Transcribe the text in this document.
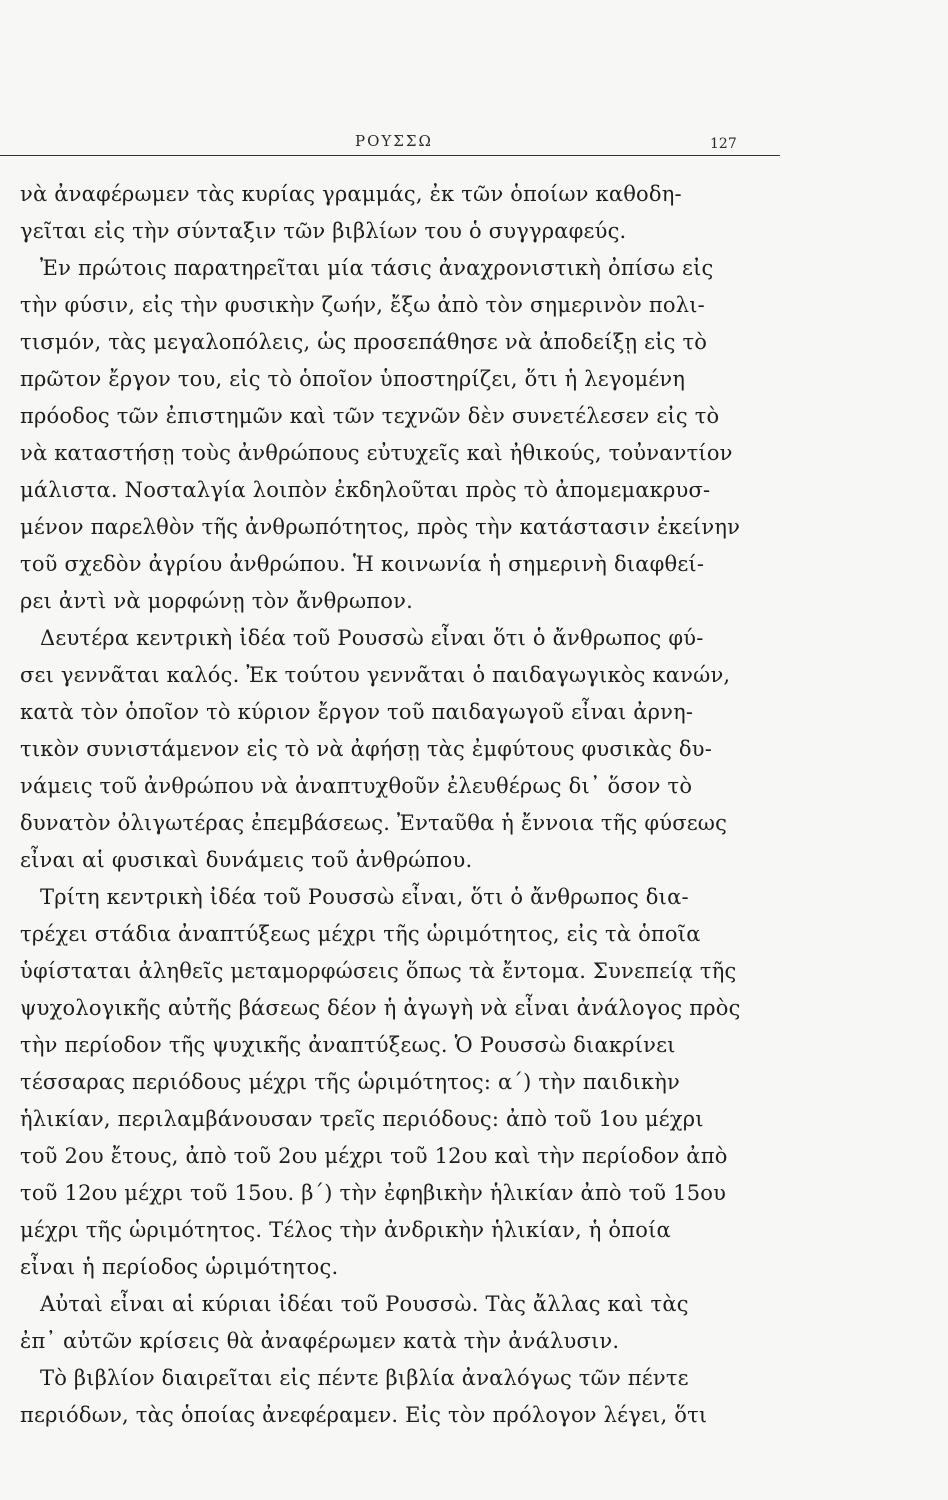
ΡΟΥΣΣΩ	127
νὰ ἀναφέρωμεν τὰς κυρίας γραμμάς, ἐκ τῶν ὁποίων καθοδη-
γεῖται εἰς τὴν σύνταξιν τῶν βιβλίων του ὁ συγγραφεύς.
Ἐν πρώτοις παρατηρεῖται μία τάσις ἀναχρονιστικὴ ὀπίσω εἰς
τὴν φύσιν, εἰς τὴν φυσικὴν ζωήν, ἔξω ἀπὸ τὸν σημερινὸν πολι-
τισμόν, τὰς μεγαλοπόλεις, ὡς προσεπάθησε νὰ ἀποδείξῃ εἰς τὸ
πρῶτον ἔργον του, εἰς τὸ ὁποῖον ὑποστηρίζει, ὅτι ἡ λεγομένη
πρόοδος τῶν ἐπιστημῶν καὶ τῶν τεχνῶν δὲν συνετέλεσεν εἰς τὸ
νὰ καταστήσῃ τοὺς ἀνθρώπους εὐτυχεῖς καὶ ἠθικούς, τοὐναντίον
μάλιστα. Νοσταλγία λοιπὸν ἐκδηλοῦται πρὸς τὸ ἀπομεμακρυσ-
μένον παρελθὸν τῆς ἀνθρωπότητος, πρὸς τὴν κατάστασιν ἐκείνην
τοῦ σχεδὸν ἀγρίου ἀνθρώπου. Ἡ κοινωνία ἡ σημερινὴ διαφθεί-
ρει ἀντὶ νὰ μορφώνῃ τὸν ἄνθρωπον.
Δευτέρα κεντρικὴ ἰδέα τοῦ Ρουσσὼ εἶναι ὅτι ὁ ἄνθρωπος φύ-
σει γεννᾶται καλός. Ἐκ τούτου γεννᾶται ὁ παιδαγωγικὸς κανών,
κατὰ τὸν ὁποῖον τὸ κύριον ἔργον τοῦ παιδαγωγοῦ εἶναι ἀρνη-
τικὸν συνιστάμενον εἰς τὸ νὰ ἀφήσῃ τὰς ἐμφύτους φυσικὰς δυ-
νάμεις τοῦ ἀνθρώπου νὰ ἀναπτυχθοῦν ἐλευθέρως δι᾽ ὅσον τὸ
δυνατὸν ὀλιγωτέρας ἐπεμβάσεως. Ἐνταῦθα ἡ ἔννοια τῆς φύσεως
εἶναι αἱ φυσικαὶ δυνάμεις τοῦ ἀνθρώπου.
Τρίτη κεντρικὴ ἰδέα τοῦ Ρουσσὼ εἶναι, ὅτι ὁ ἄνθρωπος δια-
τρέχει στάδια ἀναπτύξεως μέχρι τῆς ὡριμότητος, εἰς τὰ ὁποῖα
ὑφίσταται ἀληθεῖς μεταμορφώσεις ὅπως τὰ ἔντομα. Συνεπείᾳ τῆς
ψυχολογικῆς αὐτῆς βάσεως δέον ἡ ἀγωγὴ νὰ εἶναι ἀνάλογος πρὸς
τὴν περίοδον τῆς ψυχικῆς ἀναπτύξεως. Ὁ Ρουσσὼ διακρίνει
τέσσαρας περιόδους μέχρι τῆς ὡριμότητος: α΄) τὴν παιδικὴν
ἡλικίαν, περιλαμβάνουσαν τρεῖς περιόδους: ἀπὸ τοῦ 1ου μέχρι
τοῦ 2ου ἔτους, ἀπὸ τοῦ 2ου μέχρι τοῦ 12ου καὶ τὴν περίοδον ἀπὸ
τοῦ 12ου μέχρι τοῦ 15ου. β΄) τὴν ἐφηβικὴν ἡλικίαν ἀπὸ τοῦ 15ου
μέχρι τῆς ὡριμότητος. Τέλος τὴν ἀνδρικὴν ἡλικίαν, ἡ ὁποία
εἶναι ἡ περίοδος ὡριμότητος.
Αὐταὶ εἶναι αἱ κύριαι ἰδέαι τοῦ Ρουσσὼ. Τὰς ἄλλας καὶ τὰς
ἐπ᾽ αὐτῶν κρίσεις θὰ ἀναφέρωμεν κατὰ τὴν ἀνάλυσιν.
Τὸ βιβλίον διαιρεῖται εἰς πέντε βιβλία ἀναλόγως τῶν πέντε
περιόδων, τὰς ὁποίας ἀνεφέραμεν. Εἰς τὸν πρόλογον λέγει, ὅτι
